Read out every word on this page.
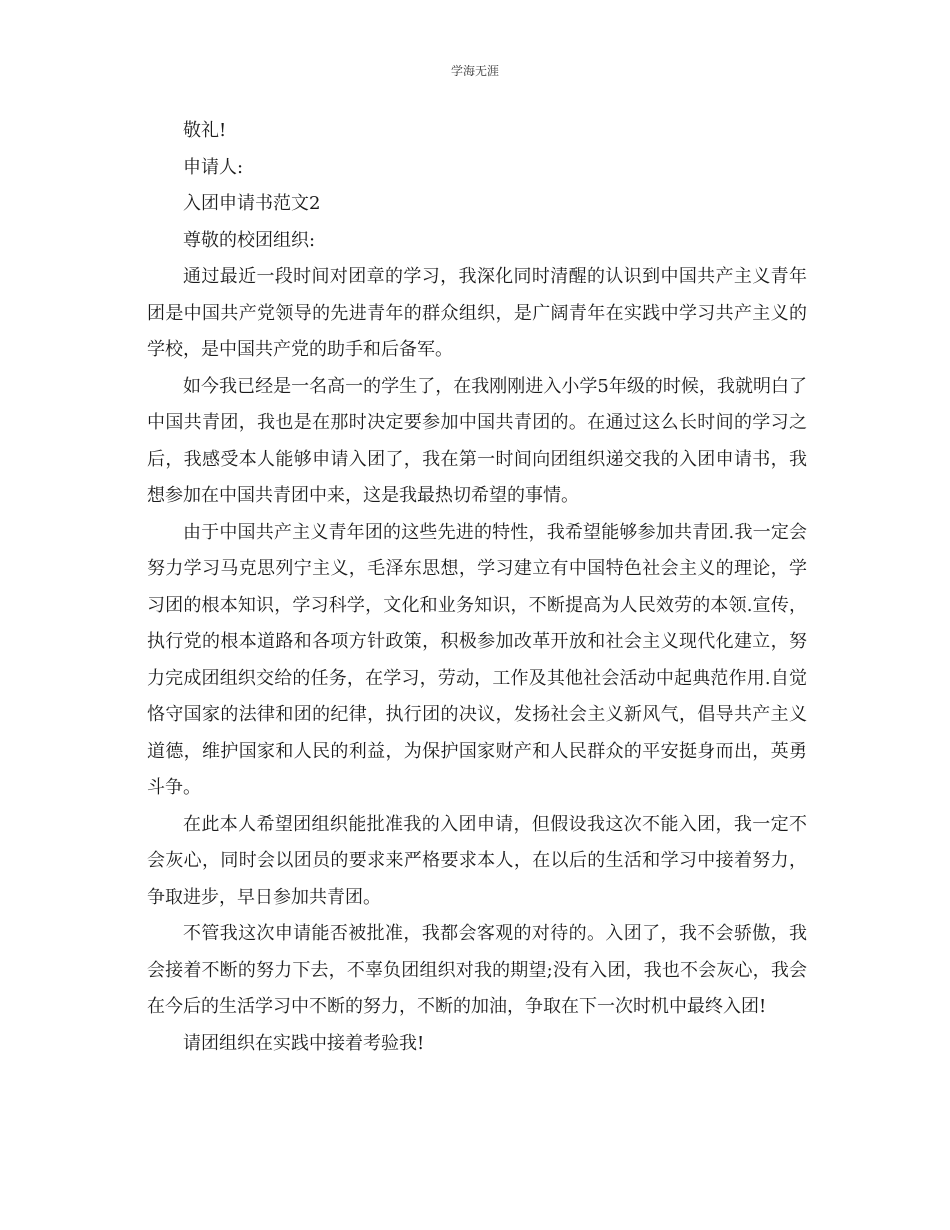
学海无涯

敬礼!

申请人:

入团申请书范文2

尊敬的校团组织:

通过最近一段时间对团章的学习，我深化同时清醒的认识到中国共产主义青年团是中国共产党领导的先进青年的群众组织，是广阔青年在实践中学习共产主义的学校，是中国共产党的助手和后备军。

如今我已经是一名高一的学生了，在我刚刚进入小学5年级的时候，我就明白了中国共青团，我也是在那时决定要参加中国共青团的。在通过这么长时间的学习之后，我感受本人能够申请入团了，我在第一时间向团组织递交我的入团申请书，我想参加在中国共青团中来，这是我最热切希望的事情。

由于中国共产主义青年团的这些先进的特性，我希望能够参加共青团.我一定会努力学习马克思列宁主义，毛泽东思想，学习建立有中国特色社会主义的理论，学习团的根本知识，学习科学，文化和业务知识，不断提高为人民效劳的本领.宣传，执行党的根本道路和各项方针政策，积极参加改革开放和社会主义现代化建立，努力完成团组织交给的任务，在学习，劳动，工作及其他社会活动中起典范作用.自觉恪守国家的法律和团的纪律，执行团的决议，发扬社会主义新风气，倡导共产主义道德，维护国家和人民的利益，为保护国家财产和人民群众的平安挺身而出，英勇斗争。

在此本人希望团组织能批准我的入团申请，但假设我这次不能入团，我一定不会灰心，同时会以团员的要求来严格要求本人，在以后的生活和学习中接着努力，争取进步，早日参加共青团。

不管我这次申请能否被批准，我都会客观的对待的。入团了，我不会骄傲，我会接着不断的努力下去，不辜负团组织对我的期望;没有入团，我也不会灰心，我会在今后的生活学习中不断的努力，不断的加油，争取在下一次时机中最终入团!

请团组织在实践中接着考验我!
